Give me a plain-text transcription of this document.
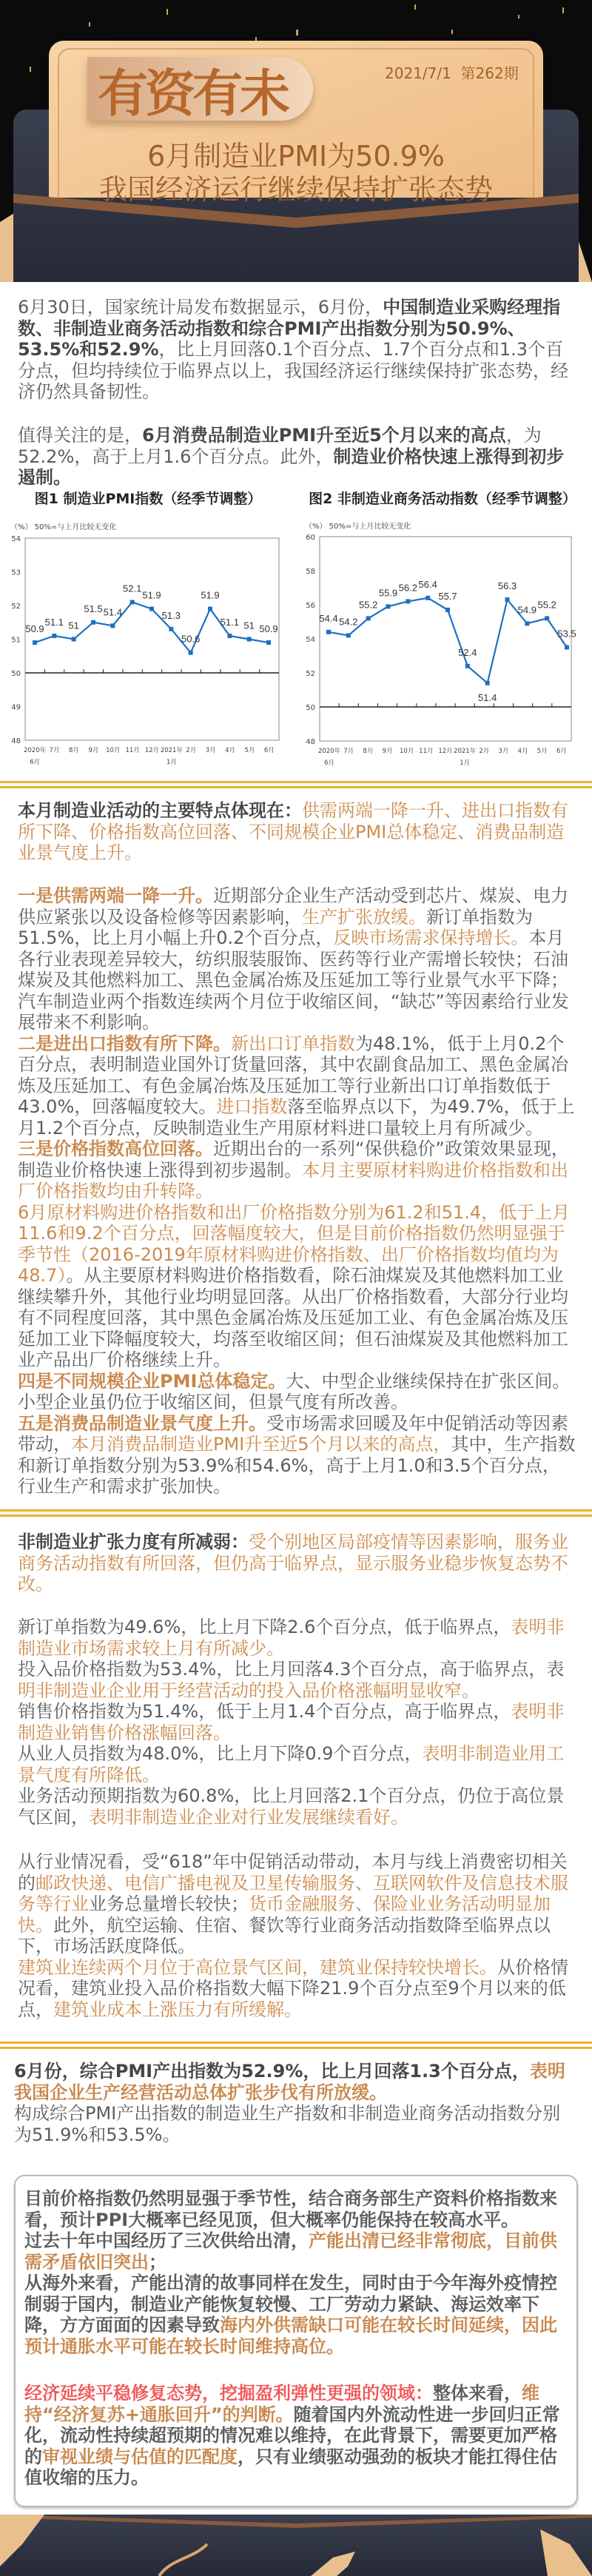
有资有未	2021/7/1 第262期
6月制造业PMI为50.9%
我国经济运行继续保持扩张态势

6月30日，国家统计局发布数据显示，6月份，中国制造业采购经理指数、非制造业商务活动指数和综合PMI产出指数分别为50.9%、53.5%和52.9%，比上月回落0.1个百分点、1.7个百分点和1.3个百分点，但均持续位于临界点以上，我国经济运行继续保持扩张态势，经济仍然具备韧性。

值得关注的是，6月消费品制造业PMI升至近5个月以来的高点，为52.2%，高于上月1.6个百分点。此外，制造业价格快速上涨得到初步遏制。

图1 制造业PMI指数（经季节调整）	图2 非制造业商务活动指数（经季节调整）
（%） 50%=与上月比较无变化	（%） 50%=与上月比较无变化
48
49
50
51
52
53
54
2020年
6月
7月 8月 9月 10月 11月 12月 2021年
1月
2月 3月 4月 5月 6月
50.9
51.1 51
51.5 51.4
52.1
51.9
51.3
50.6
51.9
51.1 51 50.9
48
50
52
54
56
58
60
2020年
6月
7月 8月 9月 10月 11月 12月 2021年
1月
2月 3月 4月 5月 6月
54.4 54.2
55.2
55.9 56.2 56.4
55.7
52.4
51.4
56.3
54.9 55.2
53.5

本月制造业活动的主要特点体现在：供需两端一降一升、进出口指数有所下降、价格指数高位回落、不同规模企业PMI总体稳定、消费品制造业景气度上升。

一是供需两端一降一升。近期部分企业生产活动受到芯片、煤炭、电力供应紧张以及设备检修等因素影响，生产扩张放缓。新订单指数为51.5%，比上月小幅上升0.2个百分点，反映市场需求保持增长。本月各行业表现差异较大，纺织服装服饰、医药等行业产需增长较快；石油煤炭及其他燃料加工、黑色金属冶炼及压延加工等行业景气水平下降；汽车制造业两个指数连续两个月位于收缩区间，“缺芯”等因素给行业发展带来不利影响。

二是进出口指数有所下降。新出口订单指数为48.1%，低于上月0.2个百分点，表明制造业国外订货量回落，其中农副食品加工、黑色金属冶炼及压延加工、有色金属冶炼及压延加工等行业新出口订单指数低于43.0%，回落幅度较大。进口指数落至临界点以下，为49.7%，低于上月1.2个百分点，反映制造业生产用原材料进口量较上月有所减少。

三是价格指数高位回落。近期出台的一系列“保供稳价”政策效果显现，制造业价格快速上涨得到初步遏制。本月主要原材料购进价格指数和出厂价格指数均由升转降。

6月原材料购进价格指数和出厂价格指数分别为61.2和51.4，低于上月11.6和9.2个百分点，回落幅度较大，但是目前价格指数仍然明显强于季节性（2016-2019年原材料购进价格指数、出厂价格指数均值均为48.7）。从主要原材料购进价格指数看，除石油煤炭及其他燃料加工业继续攀升外，其他行业均明显回落。从出厂价格指数看，大部分行业均有不同程度回落，其中黑色金属冶炼及压延加工业、有色金属冶炼及压延加工业下降幅度较大，均落至收缩区间；但石油煤炭及其他燃料加工业产品出厂价格继续上升。

四是不同规模企业PMI总体稳定。大、中型企业继续保持在扩张区间。小型企业虽仍位于收缩区间，但景气度有所改善。

五是消费品制造业景气度上升。受市场需求回暖及年中促销活动等因素带动，本月消费品制造业PMI升至近5个月以来的高点，其中，生产指数和新订单指数分别为53.9%和54.6%，高于上月1.0和3.5个百分点，行业生产和需求扩张加快。

非制造业扩张力度有所减弱：受个别地区局部疫情等因素影响，服务业商务活动指数有所回落，但仍高于临界点，显示服务业稳步恢复态势不改。

新订单指数为49.6%，比上月下降2.6个百分点，低于临界点，表明非制造业市场需求较上月有所减少。

投入品价格指数为53.4%，比上月回落4.3个百分点，高于临界点，表明非制造业企业用于经营活动的投入品价格涨幅明显收窄。

销售价格指数为51.4%，低于上月1.4个百分点，高于临界点，表明非制造业销售价格涨幅回落。

从业人员指数为48.0%，比上月下降0.9个百分点，表明非制造业用工景气度有所降低。

业务活动预期指数为60.8%，比上月回落2.1个百分点，仍位于高位景气区间，表明非制造业企业对行业发展继续看好。

从行业情况看，受“618”年中促销活动带动，本月与线上消费密切相关的邮政快递、电信广播电视及卫星传输服务、互联网软件及信息技术服务等行业业务总量增长较快；货币金融服务、保险业业务活动明显加快。此外，航空运输、住宿、餐饮等行业商务活动指数降至临界点以下，市场活跃度降低。

建筑业连续两个月位于高位景气区间，建筑业保持较快增长。从价格情况看，建筑业投入品价格指数大幅下降21.9个百分点至9个月以来的低点，建筑业成本上涨压力有所缓解。

6月份，综合PMI产出指数为52.9%，比上月回落1.3个百分点，表明我国企业生产经营活动总体扩张步伐有所放缓。

构成综合PMI产出指数的制造业生产指数和非制造业商务活动指数分别为51.9%和53.5%。

目前价格指数仍然明显强于季节性，结合商务部生产资料价格指数来看，预计PPI大概率已经见顶，但大概率仍能保持在较高水平。

过去十年中国经历了三次供给出清，产能出清已经非常彻底，目前供需矛盾依旧突出；

从海外来看，产能出清的故事同样在发生，同时由于今年海外疫情控制弱于国内，制造业产能恢复较慢、工厂劳动力紧缺、海运效率下降，方方面面的因素导致海内外供需缺口可能在较长时间延续，因此预计通胀水平可能在较长时间维持高位。

经济延续平稳修复态势，挖掘盈利弹性更强的领域：整体来看，维持“经济复苏+通胀回升”的判断。随着国内外流动性进一步回归正常化，流动性持续超预期的情况难以维持，在此背景下，需要更加严格的审视业绩与估值的匹配度，只有业绩驱动强劲的板块才能扛得住估值收缩的压力。
